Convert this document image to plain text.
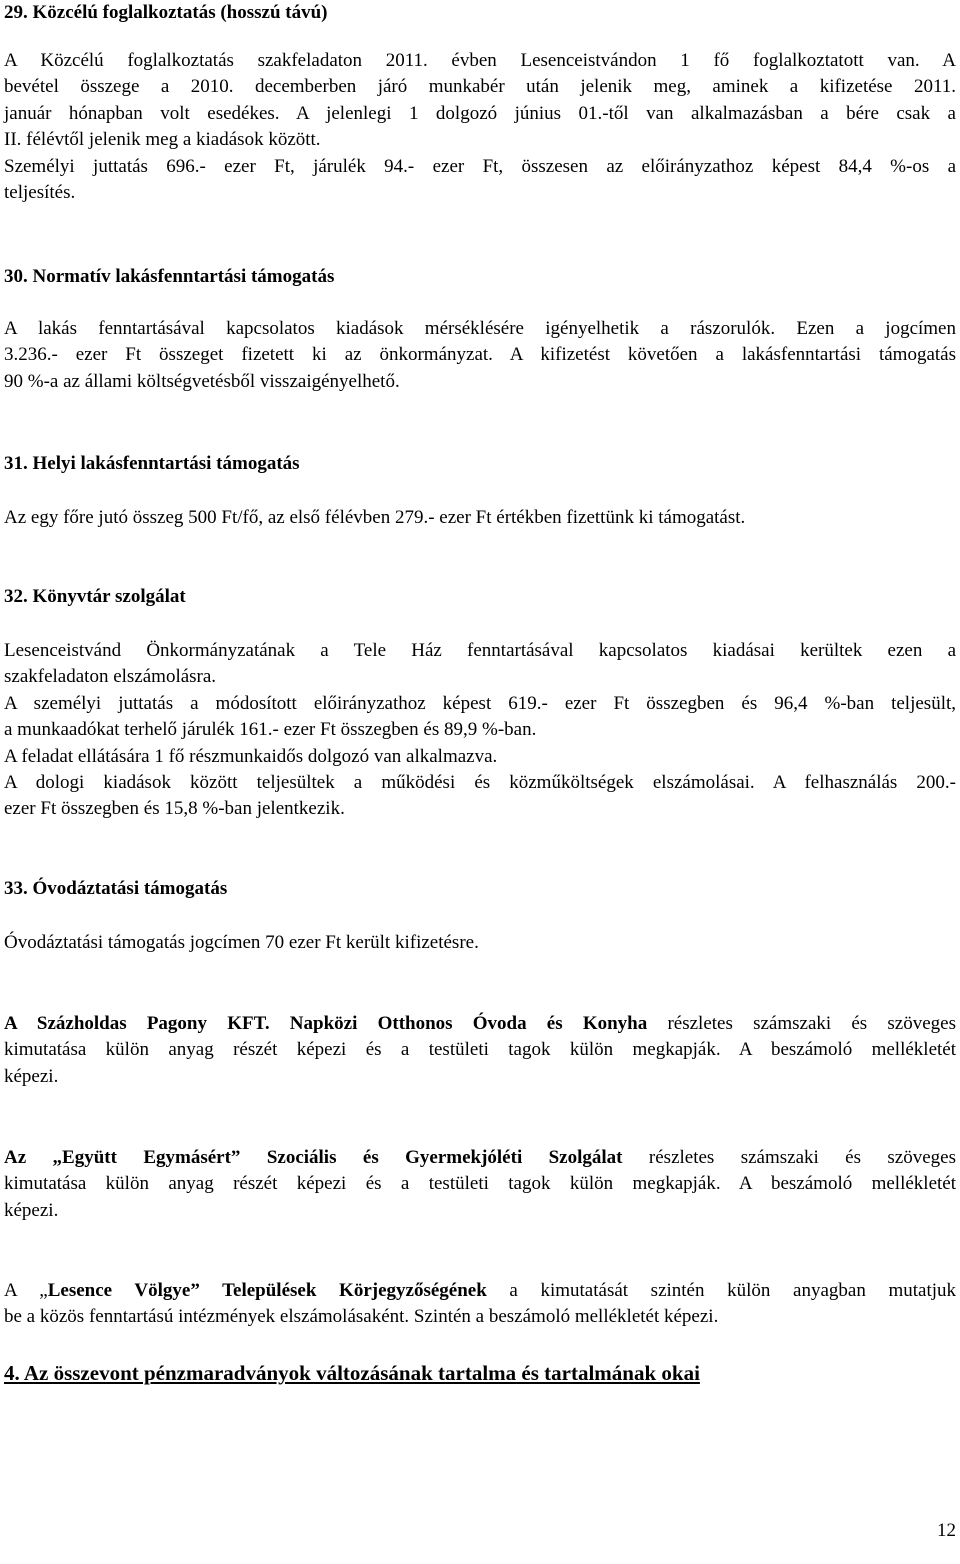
29. Közcélú foglalkoztatás (hosszú távú)
A Közcélú foglalkoztatás szakfeladaton 2011. évben Lesenceistvándon 1 fő foglalkoztatott van. A
bevétel összege a 2010. decemberben járó munkabér után jelenik meg, aminek a kifizetése 2011.
január hónapban volt esedékes. A jelenlegi 1 dolgozó június 01.-től van alkalmazásban a bére csak a
II. félévtől jelenik meg a kiadások között.
Személyi juttatás 696.- ezer Ft, járulék 94.- ezer Ft, összesen az előirányzathoz képest 84,4 %-os a
teljesítés.
30. Normatív lakásfenntartási támogatás
A lakás fenntartásával kapcsolatos kiadások mérséklésére igényelhetik a rászorulók. Ezen a jogcímen
3.236.- ezer Ft összeget fizetett ki az önkormányzat. A kifizetést követően a lakásfenntartási támogatás
90 %-a az állami költségvetésből visszaigényelhető.
31. Helyi lakásfenntartási támogatás
Az egy főre jutó összeg 500 Ft/fő, az első félévben 279.- ezer Ft értékben fizettünk ki támogatást.
32. Könyvtár szolgálat
Lesenceistvánd Önkormányzatának a Tele Ház fenntartásával kapcsolatos kiadásai kerültek ezen a
szakfeladaton elszámolásra.
A személyi juttatás a módosított előirányzathoz képest 619.- ezer Ft összegben és 96,4 %-ban teljesült,
a munkaadókat terhelő járulék 161.- ezer Ft összegben és 89,9 %-ban.
A feladat ellátására 1 fő részmunkaidős dolgozó van alkalmazva.
A dologi kiadások között teljesültek a működési és közműköltségek elszámolásai. A felhasználás 200.-
ezer Ft összegben és 15,8 %-ban jelentkezik.
33. Óvodáztatási támogatás
Óvodáztatási támogatás jogcímen 70 ezer Ft került kifizetésre.
A Százholdas Pagony KFT. Napközi Otthonos Óvoda és Konyha részletes számszaki és szöveges
kimutatása külön anyag részét képezi és a testületi tagok külön megkapják. A beszámoló mellékletét
képezi.
Az „Együtt Egymásért” Szociális és Gyermekjóléti Szolgálat részletes számszaki és szöveges
kimutatása külön anyag részét képezi és a testületi tagok külön megkapják. A beszámoló mellékletét
képezi.
A „Lesence Völgye” Települések Körjegyzőségének a kimutatását szintén külön anyagban mutatjuk
be a közös fenntartású intézmények elszámolásaként. Szintén a beszámoló mellékletét képezi.
4. Az összevont pénzmaradványok változásának tartalma és tartalmának okai
12
